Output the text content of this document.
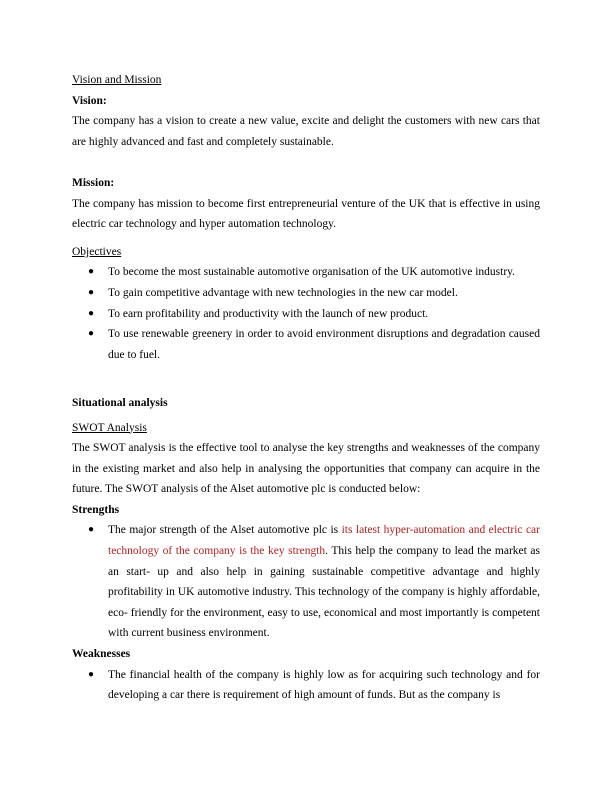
Vision and Mission

Vision:

The company has a vision to create a new value, excite and delight the customers with new cars that are highly advanced and fast and completely sustainable.

Mission:

The company has mission to become first entrepreneurial venture of the UK that is effective in using electric car technology and hyper automation technology.

Objectives

● To become the most sustainable automotive organisation of the UK automotive industry.
● To gain competitive advantage with new technologies in the new car model.
● To earn profitability and productivity with the launch of new product.
● To use renewable greenery in order to avoid environment disruptions and degradation caused due to fuel.

Situational analysis

SWOT Analysis

The SWOT analysis is the effective tool to analyse the key strengths and weaknesses of the company in the existing market and also help in analysing the opportunities that company can acquire in the future. The SWOT analysis of the Alset automotive plc is conducted below:

Strengths

● The major strength of the Alset automotive plc is its latest hyper-automation and electric car technology of the company is the key strength. This help the company to lead the market as an start- up and also help in gaining sustainable competitive advantage and highly profitability in UK automotive industry. This technology of the company is highly affordable, eco- friendly for the environment, easy to use, economical and most importantly is competent with current business environment.

Weaknesses

● The financial health of the company is highly low as for acquiring such technology and for developing a car there is requirement of high amount of funds. But as the company is
